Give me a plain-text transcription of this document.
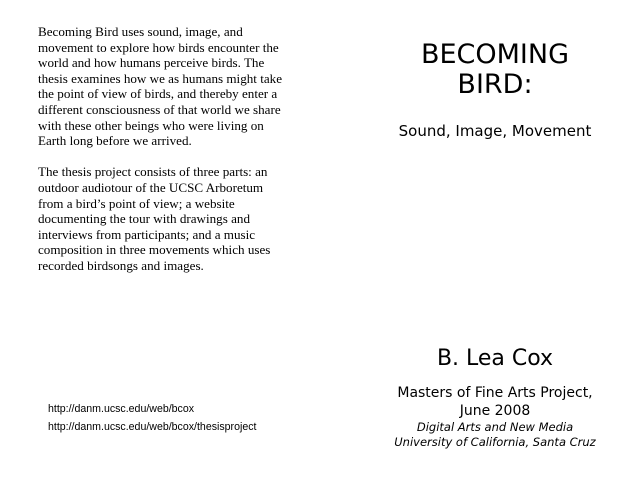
Becoming Bird uses sound, image, and movement to explore how birds encounter the world and how humans perceive birds. The thesis examines how we as humans might take the point of view of birds, and thereby enter a different consciousness of that world we share with these other beings who were living on Earth long before we arrived.

The thesis project consists of three parts: an outdoor audiotour of the UCSC Arboretum from a bird’s point of view; a website documenting the tour with drawings and interviews from participants; and a music composition in three movements which uses recorded birdsongs and images.

http://danm.ucsc.edu/web/bcox
http://danm.ucsc.edu/web/bcox/thesisproject
BECOMING
BIRD:
Sound, Image, Movement
B. Lea Cox
Masters of Fine Arts Project,
June 2008
Digital Arts and New Media
University of California, Santa Cruz
